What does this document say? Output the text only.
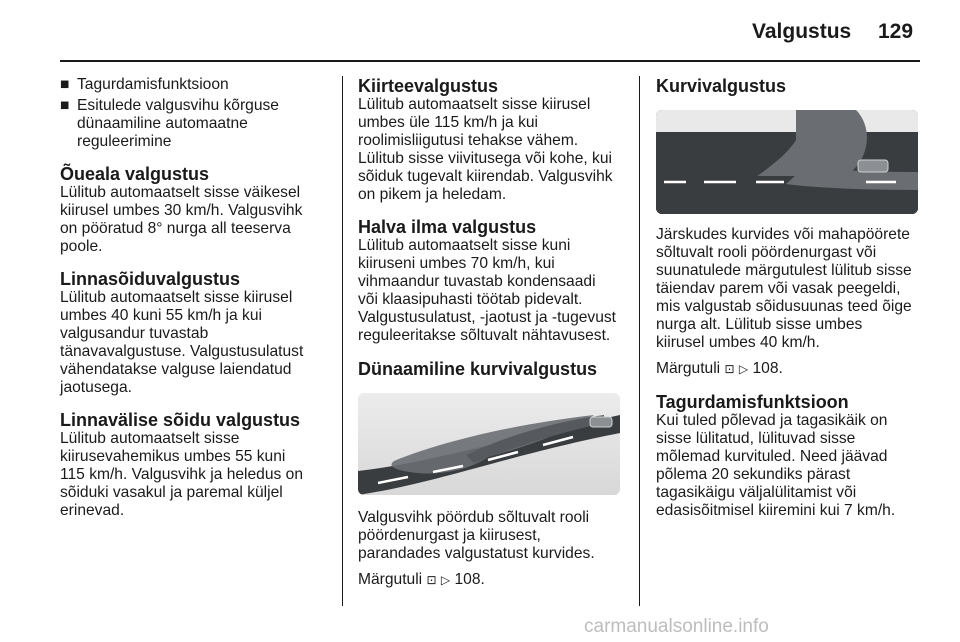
Valgustus 129
■ Tagurdamisfunktsioon
■ Esitulede valgusvihu kõrguse
dünaamiline automaatne
reguleerimine
Õueala valgustus
Lülitub automaatselt sisse väikesel
kiirusel umbes 30 km/h. Valgusvihk
on pööratud 8° nurga all teeserva
poole.
Linnasõiduvalgustus
Lülitub automaatselt sisse kiirusel
umbes 40 kuni 55 km/h ja kui
valgusandur tuvastab
tänavavalgustuse. Valgustusulatust
vähendatakse valguse laiendatud
jaotusega.
Linnavälise sõidu valgustus
Lülitub automaatselt sisse
kiirusevahemikus umbes 55 kuni
115 km/h. Valgusvihk ja heledus on
sõiduki vasakul ja paremal küljel
erinevad.
Kiirteevalgustus
Lülitub automaatselt sisse kiirusel
umbes üle 115 km/h ja kui
roolimisliigutusi tehakse vähem.
Lülitub sisse viivitusega või kohe, kui
sõiduk tugevalt kiirendab. Valgusvihk
on pikem ja heledam.
Halva ilma valgustus
Lülitub automaatselt sisse kuni
kiiruseni umbes 70 km/h, kui
vihmaandur tuvastab kondensaadi
või klaasipuhasti töötab pidevalt.
Valgustusulatust, -jaotust ja -tugevust
reguleeritakse sõltuvalt nähtavusest.
Dünaamiline kurvivalgustus
Valgusvihk pöördub sõltuvalt rooli
pöördenurgast ja kiirusest,
parandades valgustatust kurvides.
Märgutuli ⊡ ▷ 108.
Kurvivalgustus
Järskudes kurvides või mahapöörete
sõltuvalt rooli pöördenurgast või
suunatulede märgutulest lülitub sisse
täiendav parem või vasak peegeldi,
mis valgustab sõidusuunas teed õige
nurga alt. Lülitub sisse umbes
kiirusel umbes 40 km/h.
Märgutuli ⊡ ▷ 108.
Tagurdamisfunktsioon
Kui tuled põlevad ja tagasikäik on
sisse lülitatud, lülituvad sisse
mõlemad kurvituled. Need jäävad
põlema 20 sekundiks pärast
tagasikäigu väljalülitamist või
edasisõitmisel kiiremini kui 7 km/h.
carmanualsonline.info
